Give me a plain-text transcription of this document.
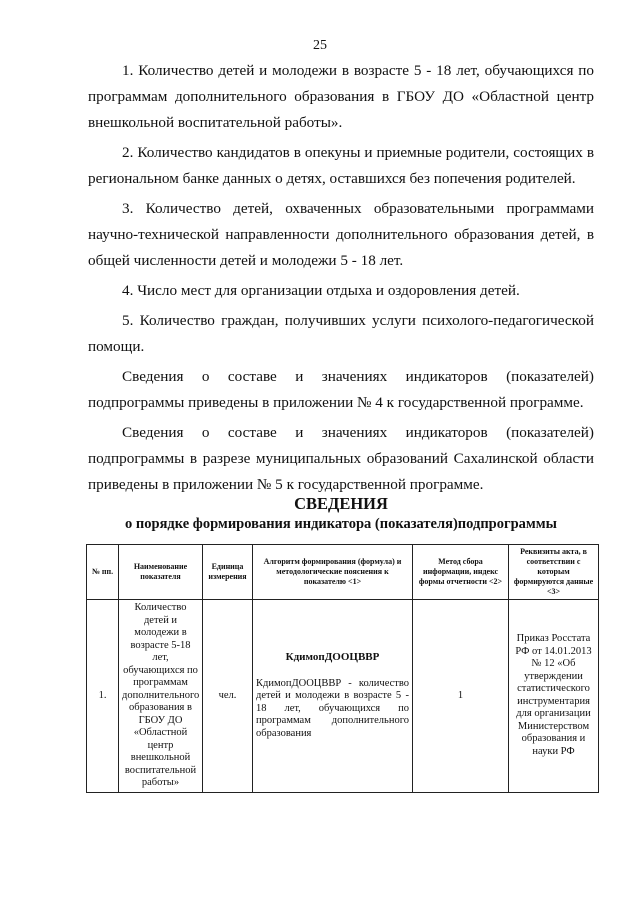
25

1. Количество детей и молодежи в возрасте 5 - 18 лет, обучающихся по программам дополнительного образования в ГБОУ ДО «Областной центр внешкольной воспитательной работы».

2. Количество кандидатов в опекуны и приемные родители, состоящих в региональном банке данных о детях, оставшихся без попечения родителей.

3. Количество детей, охваченных образовательными программами научно-технической направленности дополнительного образования детей, в общей численности детей и молодежи 5 - 18 лет.

4. Число мест для организации отдыха и оздоровления детей.

5. Количество граждан, получивших услуги психолого-педагогической помощи.

Сведения о составе и значениях индикаторов (показателей) подпрограммы приведены в приложении № 4 к государственной программе.

Сведения о составе и значениях индикаторов (показателей) подпрограммы в разрезе муниципальных образований Сахалинской области приведены в приложении № 5 к государственной программе.

СВЕДЕНИЯ
о порядке формирования индикатора (показателя)подпрограммы
№ пп.	Наименование показателя	Единица измерения	Алгоритм формирования (формула) и методологические пояснения к показателю <1>	Метод сбора информации, индекс формы отчетности <2>	Реквизиты акта, в соответствии с которым формируются данные <3>
1.	Количество детей и молодежи в возрасте 5-18 лет, обучающихся по программам дополнительного образования в ГБОУ ДО «Областной центр внешкольной воспитательной работы»	чел.	КдимопДООЦВВР
КдимопДООЦВВР - количество детей и молодежи в возрасте 5 - 18 лет, обучающихся по программам дополнительного образования	1	Приказ Росстата РФ от 14.01.2013 № 12 «Об утверждении статистического инструментария для организации Министерством образования и науки РФ
